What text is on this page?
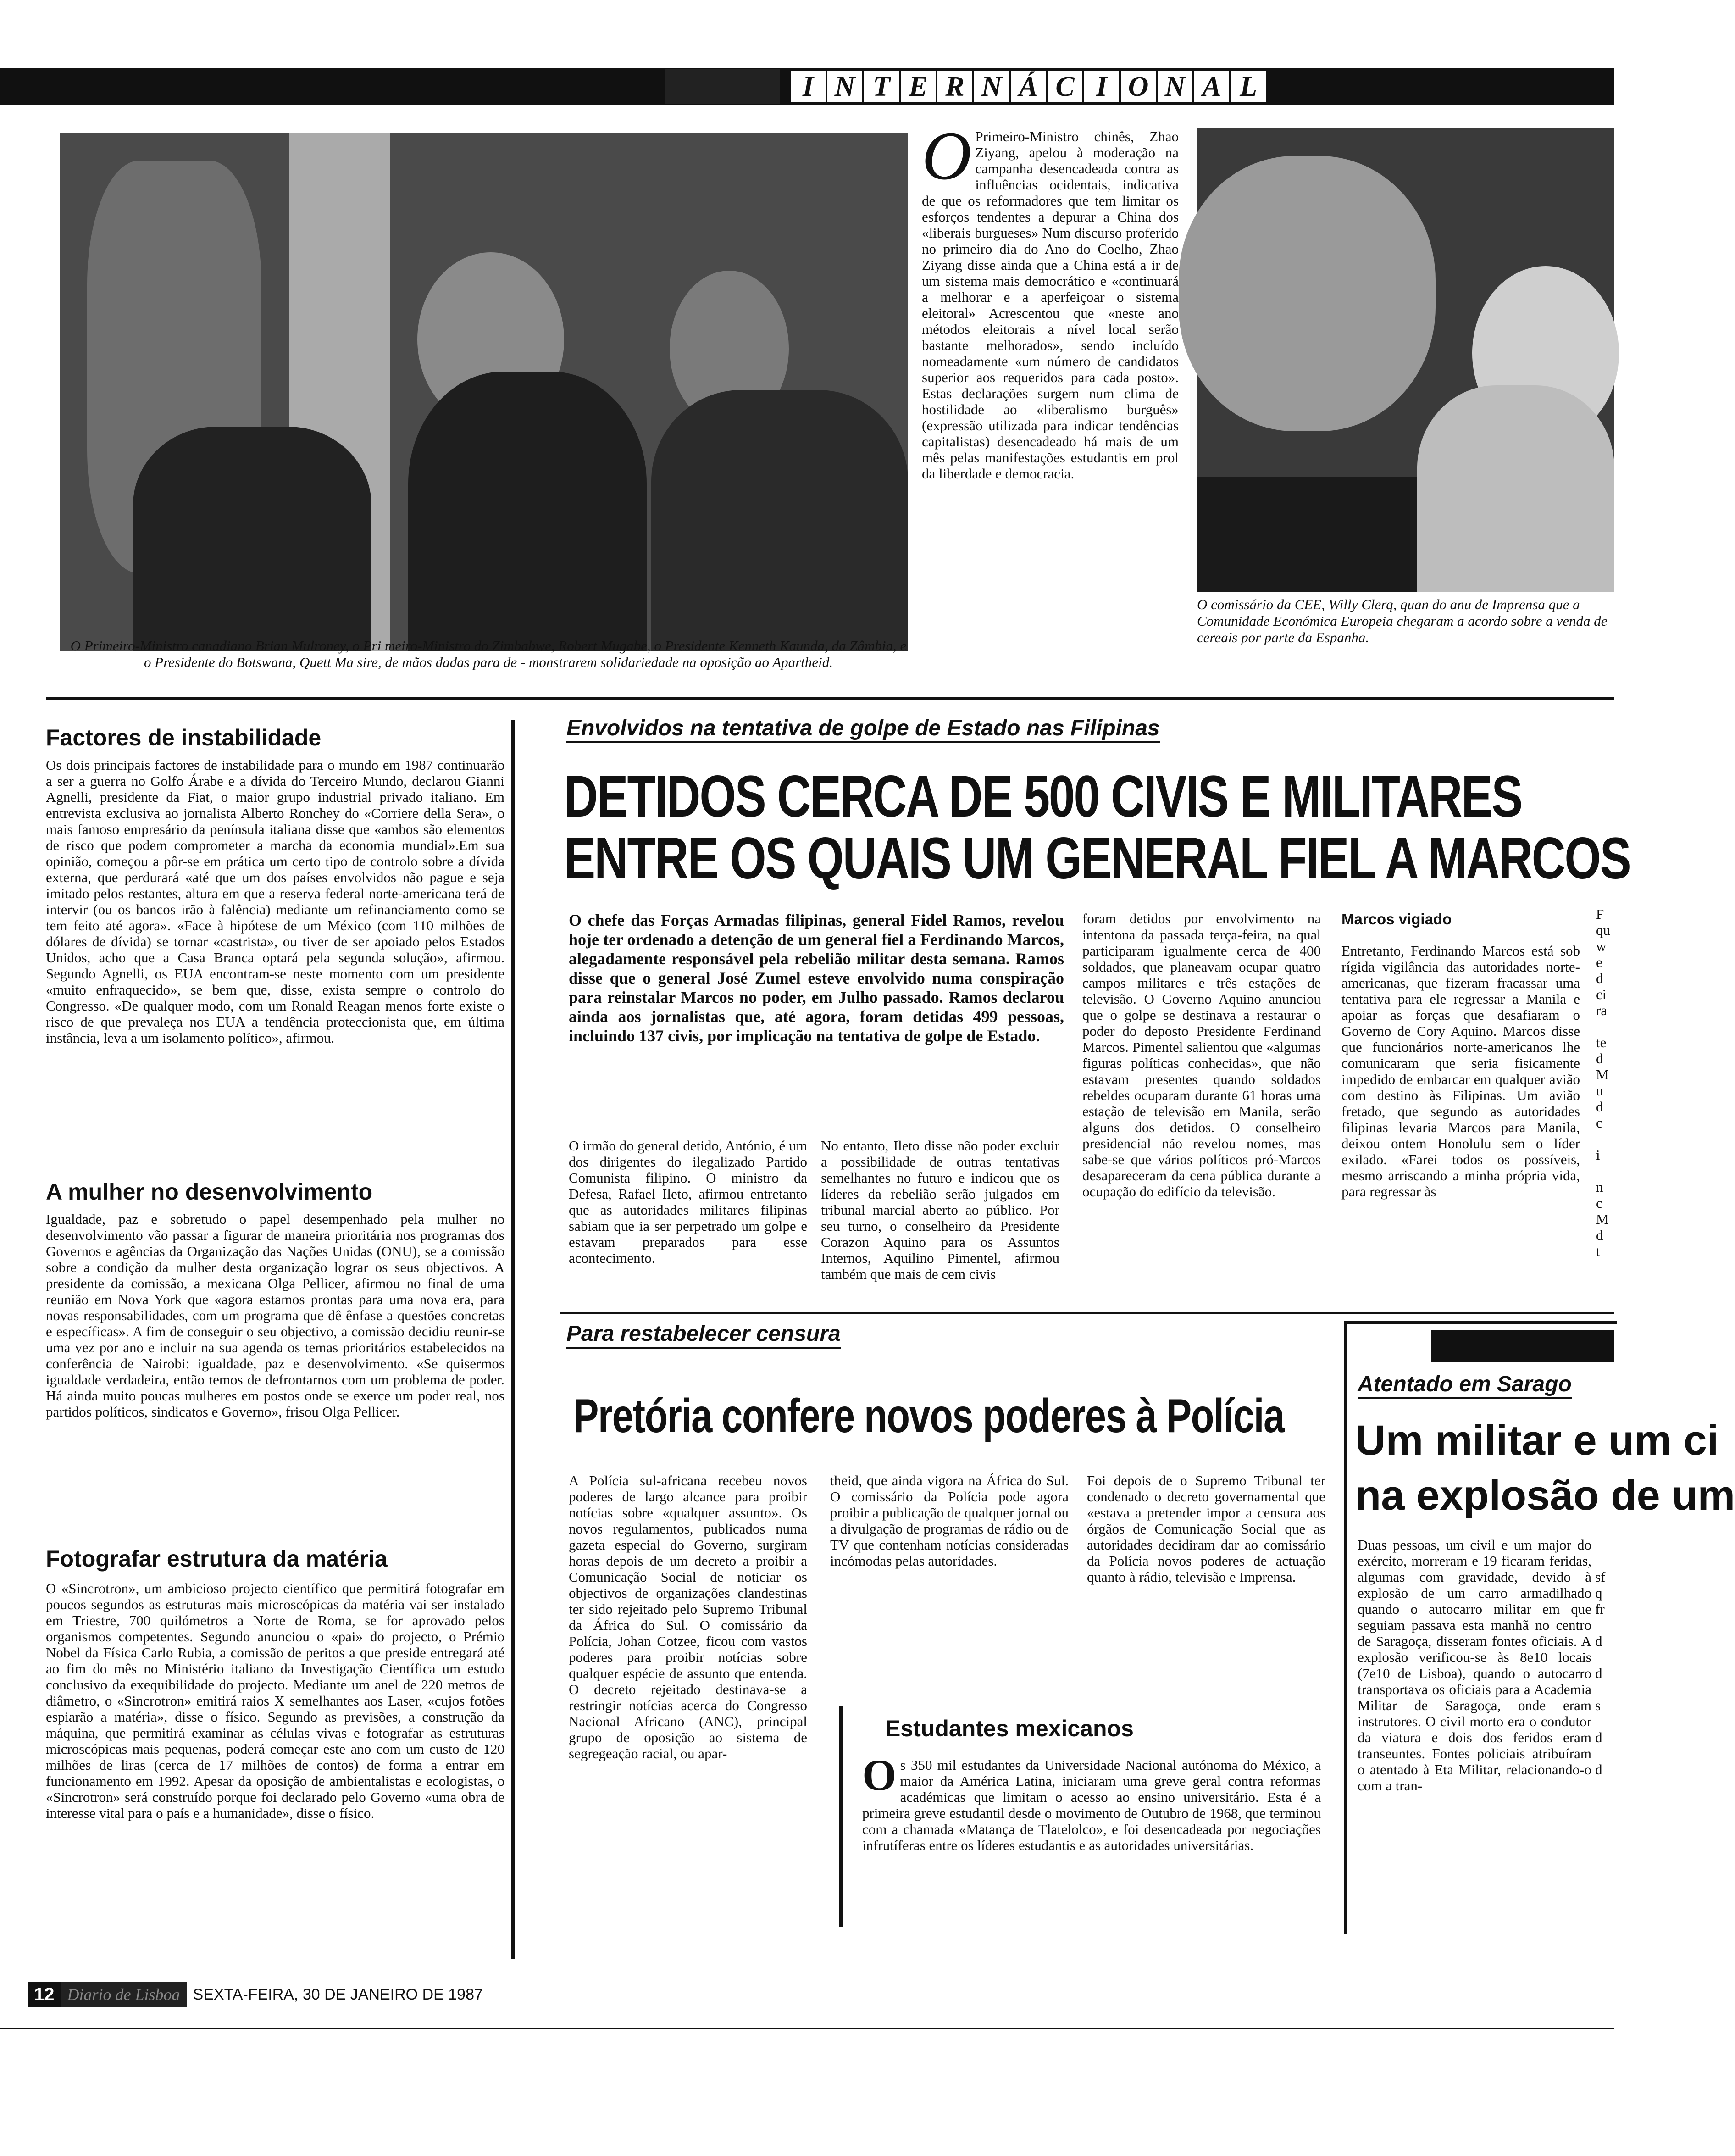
I N T E R N Á C I O N A L
O Primeiro-Ministro canadiano Brian Mulroney, o Pri meiro-Ministro do Zimbabwe, Robert Mugabe, o Presidente Kenneth Kaunda, da Zâmbia, e o Presidente do Botswana, Quett Ma sire, de mãos dadas para de - monstrarem solidariedade na oposição ao Apartheid.
O Primeiro-Ministro chinês, Zhao Ziyang, apelou à moderação na campanha desencadeada contra as influências ocidentais, indicativa de que os reformadores que tem limitar os esforços tendentes a depurar a China dos «liberais burgueses» Num discurso proferido no primeiro dia do Ano do Coelho, Zhao Ziyang disse ainda que a China está a ir de um sistema mais democrático e «continuará a melhorar e a aperfeiçoar o sistema eleitoral» Acrescentou que «neste ano métodos eleitorais a nível local serão bastante melhorados», sendo incluído nomeadamente «um número de candidatos superior aos requeridos para cada posto». Estas declarações surgem num clima de hostilidade ao «liberalismo burguês» (expressão utilizada para indicar tendências capitalistas) desencadeado há mais de um mês pelas manifestações estudantis em prol da liberdade e democracia.
O comissário da CEE, Willy Clerq, quan do anu de Imprensa que a Comunidade Económica Europeia chegaram a acordo sobre a venda de cereais por parte da Espanha.
Factores de instabilidade
Os dois principais factores de instabilidade para o mundo em 1987 continuarão a ser a guerra no Golfo Árabe e a dívida do Terceiro Mundo, declarou Gianni Agnelli, presidente da Fiat, o maior grupo industrial privado italiano. Em entrevista exclusiva ao jornalista Alberto Ronchey do «Corriere della Sera», o mais famoso empresário da península italiana disse que «ambos são elementos de risco que podem comprometer a marcha da economia mundial».Em sua opinião, começou a pôr-se em prática um certo tipo de controlo sobre a dívida externa, que perdurará «até que um dos países envolvidos não pague e seja imitado pelos restantes, altura em que a reserva federal norte-americana terá de intervir (ou os bancos irão à falência) mediante um refinanciamento como se tem feito até agora». «Face à hipótese de um México (com 110 milhões de dólares de dívida) se tornar «castrista», ou tiver de ser apoiado pelos Estados Unidos, acho que a Casa Branca optará pela segunda solução», afirmou. Segundo Agnelli, os EUA encontram-se neste momento com um presidente «muito enfraquecido», se bem que, disse, exista sempre o controlo do Congresso. «De qualquer modo, com um Ronald Reagan menos forte existe o risco de que prevaleça nos EUA a tendência proteccionista que, em última instância, leva a um isolamento político», afirmou.
A mulher no desenvolvimento
Igualdade, paz e sobretudo o papel desempenhado pela mulher no desenvolvimento vão passar a figurar de maneira prioritária nos programas dos Governos e agências da Organização das Nações Unidas (ONU), se a comissão sobre a condição da mulher desta organização lograr os seus objectivos. A presidente da comissão, a mexicana Olga Pellicer, afirmou no final de uma reunião em Nova York que «agora estamos prontas para uma nova era, para novas responsabilidades, com um programa que dê ênfase a questões concretas e específicas». A fim de conseguir o seu objectivo, a comissão decidiu reunir-se uma vez por ano e incluir na sua agenda os temas prioritários estabelecidos na conferência de Nairobi: igualdade, paz e desenvolvimento. «Se quisermos igualdade verdadeira, então temos de defrontarnos com um problema de poder. Há ainda muito poucas mulheres em postos onde se exerce um poder real, nos partidos políticos, sindicatos e Governo», frisou Olga Pellicer.
Fotografar estrutura da matéria
O «Sincrotron», um ambicioso projecto científico que permitirá fotografar em poucos segundos as estruturas mais microscópicas da matéria vai ser instalado em Triestre, 700 quilómetros a Norte de Roma, se for aprovado pelos organismos competentes. Segundo anunciou o «pai» do projecto, o Prémio Nobel da Física Carlo Rubia, a comissão de peritos a que preside entregará até ao fim do mês no Ministério italiano da Investigação Científica um estudo conclusivo da exequibilidade do projecto. Mediante um anel de 220 metros de diâmetro, o «Sincrotron» emitirá raios X semelhantes aos Laser, «cujos fotões espiarão a matéria», disse o físico. Segundo as previsões, a construção da máquina, que permitirá examinar as células vivas e fotografar as estruturas microscópicas mais pequenas, poderá começar este ano com um custo de 120 milhões de liras (cerca de 17 milhões de contos) de forma a entrar em funcionamento em 1992. Apesar da oposição de ambientalistas e ecologistas, o «Sincrotron» será construído porque foi declarado pelo Governo «uma obra de interesse vital para o país e a humanidade», disse o físico.
Envolvidos na tentativa de golpe de Estado nas Filipinas
DETIDOS CERCA DE 500 CIVIS E MILITARES
ENTRE OS QUAIS UM GENERAL FIEL A MARCOS
O chefe das Forças Armadas filipinas, general Fidel Ramos, revelou hoje ter ordenado a detenção de um general fiel a Ferdinando Marcos, alegadamente responsável pela rebelião militar desta semana. Ramos disse que o general José Zumel esteve envolvido numa conspiração para reinstalar Marcos no poder, em Julho passado. Ramos declarou ainda aos jornalistas que, até agora, foram detidas 499 pessoas, incluindo 137 civis, por implicação na tentativa de golpe de Estado.
O irmão do general detido, António, é um dos dirigentes do ilegalizado Partido Comunista filipino. O ministro da Defesa, Rafael Ileto, afirmou entretanto que as autoridades militares filipinas sabiam que ia ser perpetrado um golpe e estavam preparados para esse acontecimento.
No entanto, Ileto disse não poder excluir a possibilidade de outras tentativas semelhantes no futuro e indicou que os líderes da rebelião serão julgados em tribunal marcial aberto ao público. Por seu turno, o conselheiro da Presidente Corazon Aquino para os Assuntos Internos, Aquilino Pimentel, afirmou também que mais de cem civis
foram detidos por envolvimento na intentona da passada terça-feira, na qual participaram igualmente cerca de 400 soldados, que planeavam ocupar quatro campos militares e três estações de televisão. O Governo Aquino anunciou que o golpe se destinava a restaurar o poder do deposto Presidente Ferdinand Marcos. Pimentel salientou que «algumas figuras políticas conhecidas», que não estavam presentes quando soldados rebeldes ocuparam durante 61 horas uma estação de televisão em Manila, serão alguns dos detidos. O conselheiro presidencial não revelou nomes, mas sabe-se que vários políticos pró-Marcos desapareceram da cena pública durante a ocupação do edifício da televisão.
Marcos vigiado
Entretanto, Ferdinando Marcos está sob rígida vigilância das autoridades norte-americanas, que fizeram fracassar uma tentativa para ele regressar a Manila e apoiar as forças que desafiaram o Governo de Cory Aquino. Marcos disse que funcionários norte-americanos lhe comunicaram que seria fisicamente impedido de embarcar em qualquer avião com destino às Filipinas. Um avião fretado, que segundo as autoridades filipinas levaria Marcos para Manila, deixou ontem Honolulu sem o líder exilado. «Farei todos os possíveis, mesmo arriscando a minha própria vida, para regressar às
Para restabelecer censura
Pretória confere novos poderes à Polícia
A Polícia sul-africana recebeu novos poderes de largo alcance para proibir notícias sobre «qualquer assunto». Os novos regulamentos, publicados numa gazeta especial do Governo, surgiram horas depois de um decreto a proibir a Comunicação Social de noticiar os objectivos de organizações clandestinas ter sido rejeitado pelo Supremo Tribunal da África do Sul. O comissário da Polícia, Johan Cotzee, ficou com vastos poderes para proibir notícias sobre qualquer espécie de assunto que entenda. O decreto rejeitado destinava-se a restringir notícias acerca do Congresso Nacional Africano (ANC), principal grupo de oposição ao sistema de segregeação racial, ou apar-
theid, que ainda vigora na África do Sul. O comissário da Polícia pode agora proibir a publicação de qualquer jornal ou a divulgação de programas de rádio ou de TV que contenham notícias consideradas incómodas pelas autoridades.
Foi depois de o Supremo Tribunal ter condenado o decreto governamental que «estava a pretender impor a censura aos órgãos de Comunicação Social que as autoridades decidiram dar ao comissário da Polícia novos poderes de actuação quanto à rádio, televisão e Imprensa.
Estudantes mexicanos
Os 350 mil estudantes da Universidade Nacional autónoma do México, a maior da América Latina, iniciaram uma greve geral contra reformas académicas que limitam o acesso ao ensino universitário. Esta é a primeira greve estudantil desde o movimento de Outubro de 1968, que terminou com a chamada «Matança de Tlatelolco», e foi desencadeada por negociações infrutíferas entre os líderes estudantis e as autoridades universitárias.
Atentado em Sarago
Um militar e um ci
na explosão de um
Duas pessoas, um civil e um major do exército, morreram e 19 ficaram feridas, algumas com gravidade, devido à explosão de um carro armadilhado quando o autocarro militar em que seguiam passava esta manhã no centro de Saragoça, disseram fontes oficiais. A explosão verificou-se às 8e10 locais (7e10 de Lisboa), quando o autocarro transportava os oficiais para a Academia Militar de Saragoça, onde eram instrutores. O civil morto era o condutor da viatura e dois dos feridos eram transeuntes. Fontes policiais atribuíram o atentado à Eta Militar, relacionando-o com a tran-
F
qu
w
e
d
ci
ra

te
d
M
u
d
c

i

n
c
M
d
t
sf
q
fr

d

d

s

d

d
12 Diario de Lisboa SEXTA-FEIRA, 30 DE JANEIRO DE 1987
